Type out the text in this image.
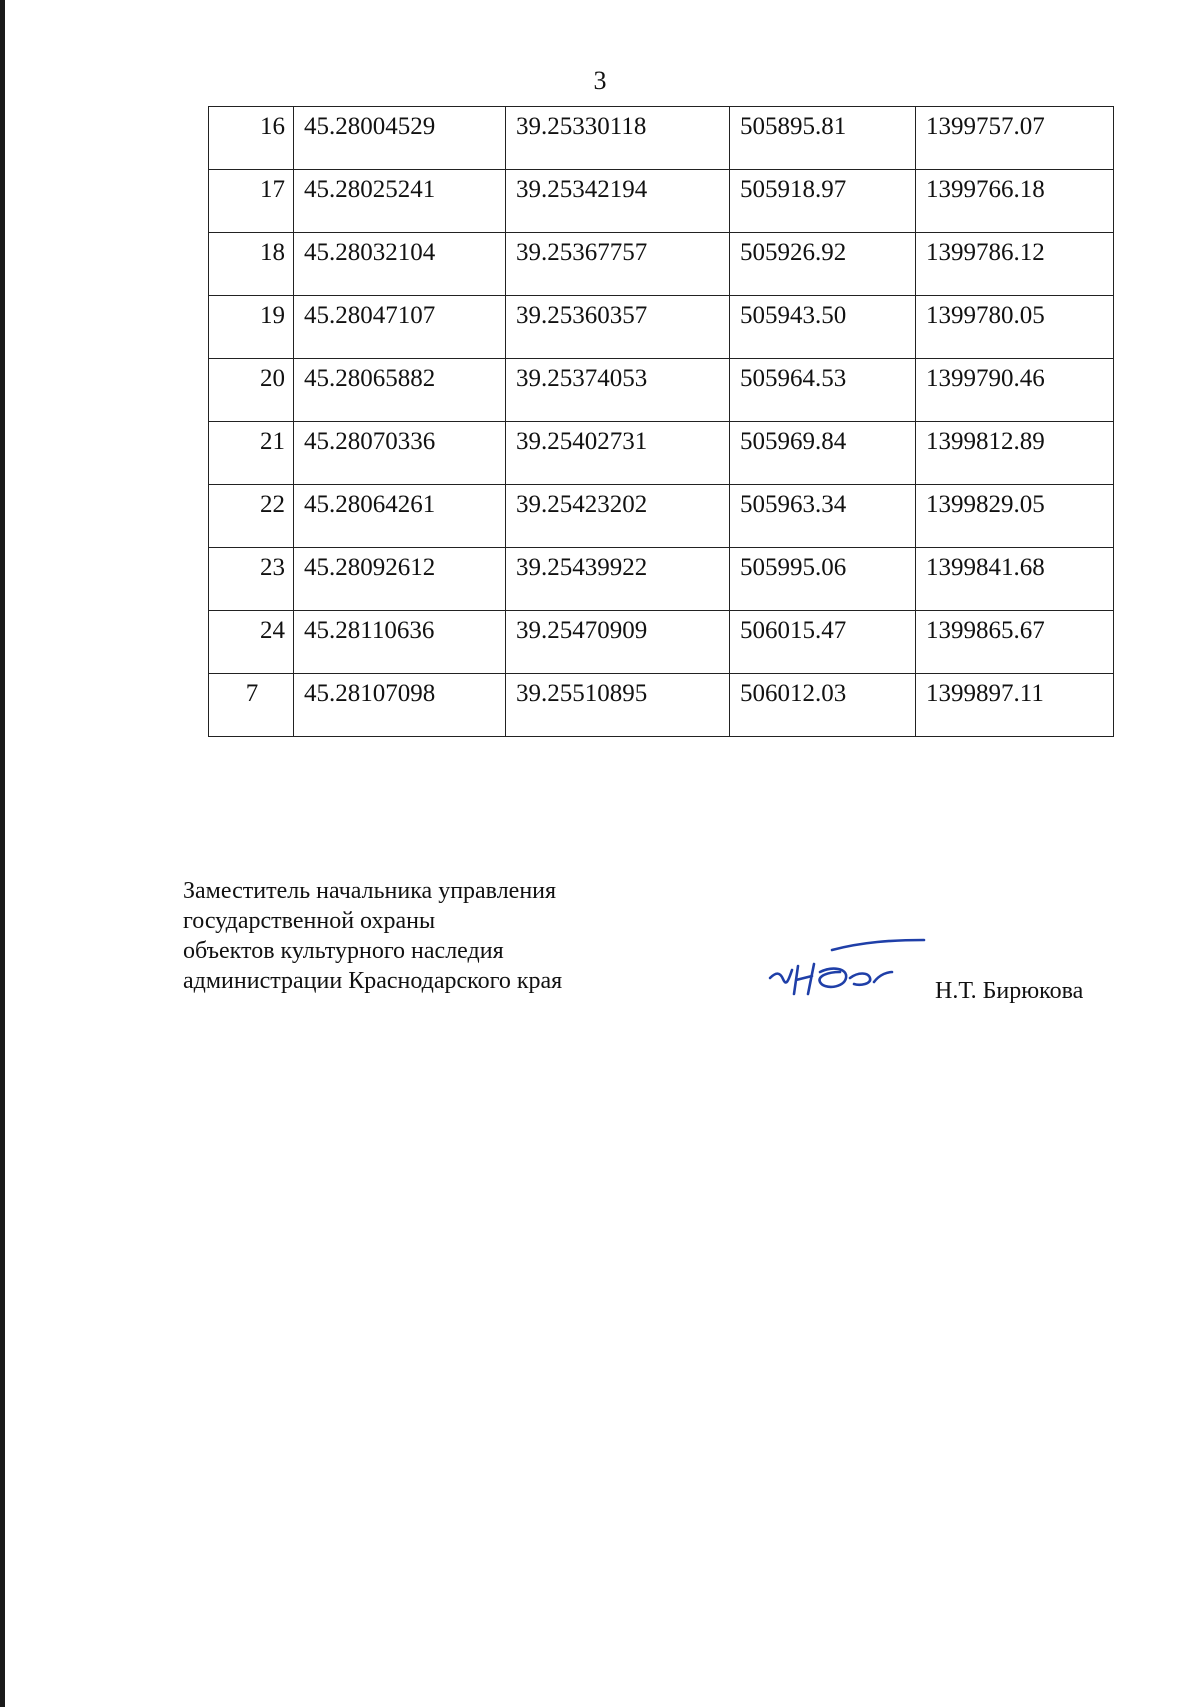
3
16	45.28004529	39.25330118	505895.81	1399757.07
17	45.28025241	39.25342194	505918.97	1399766.18
18	45.28032104	39.25367757	505926.92	1399786.12
19	45.28047107	39.25360357	505943.50	1399780.05
20	45.28065882	39.25374053	505964.53	1399790.46
21	45.28070336	39.25402731	505969.84	1399812.89
22	45.28064261	39.25423202	505963.34	1399829.05
23	45.28092612	39.25439922	505995.06	1399841.68
24	45.28110636	39.25470909	506015.47	1399865.67
7	45.28107098	39.25510895	506012.03	1399897.11
Заместитель начальника управления
государственной охраны
объектов культурного наследия
администрации Краснодарского края	Н.Т. Бирюкова
